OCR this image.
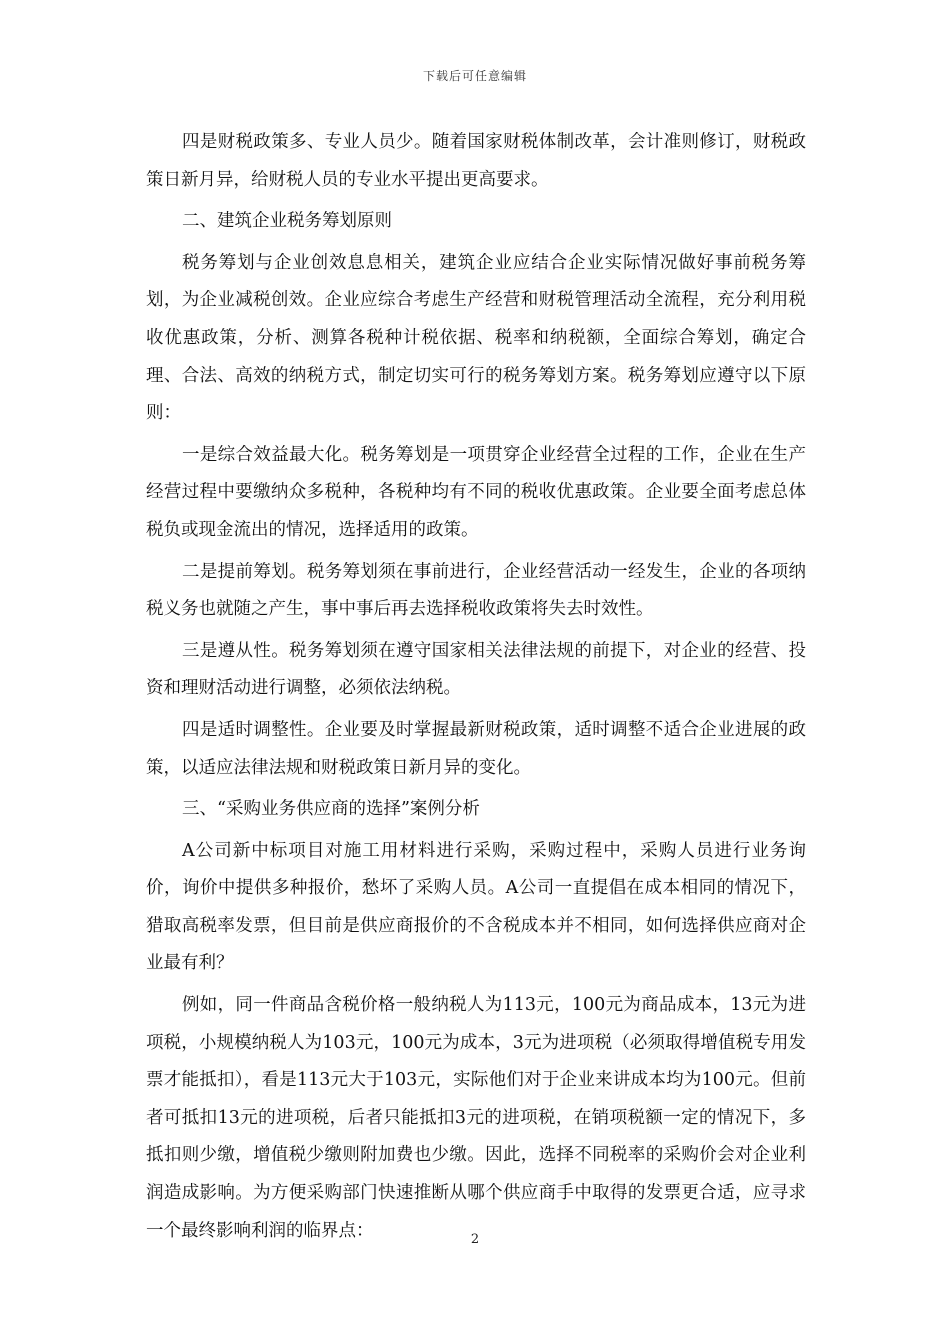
下载后可任意编辑

四是财税政策多、专业人员少。随着国家财税体制改革，会计准则修订，财税政策日新月异，给财税人员的专业水平提出更高要求。

二、建筑企业税务筹划原则

税务筹划与企业创效息息相关，建筑企业应结合企业实际情况做好事前税务筹划，为企业减税创效。企业应综合考虑生产经营和财税管理活动全流程，充分利用税收优惠政策，分析、测算各税种计税依据、税率和纳税额，全面综合筹划，确定合理、合法、高效的纳税方式，制定切实可行的税务筹划方案。税务筹划应遵守以下原则：

一是综合效益最大化。税务筹划是一项贯穿企业经营全过程的工作，企业在生产经营过程中要缴纳众多税种，各税种均有不同的税收优惠政策。企业要全面考虑总体税负或现金流出的情况，选择适用的政策。

二是提前筹划。税务筹划须在事前进行，企业经营活动一经发生，企业的各项纳税义务也就随之产生，事中事后再去选择税收政策将失去时效性。

三是遵从性。税务筹划须在遵守国家相关法律法规的前提下，对企业的经营、投资和理财活动进行调整，必须依法纳税。

四是适时调整性。企业要及时掌握最新财税政策，适时调整不适合企业进展的政策，以适应法律法规和财税政策日新月异的变化。

三、“采购业务供应商的选择”案例分析

A公司新中标项目对施工用材料进行采购，采购过程中，采购人员进行业务询价，询价中提供多种报价，愁坏了采购人员。A公司一直提倡在成本相同的情况下，猎取高税率发票，但目前是供应商报价的不含税成本并不相同，如何选择供应商对企业最有利？

例如，同一件商品含税价格一般纳税人为113元，100元为商品成本，13元为进项税，小规模纳税人为103元，100元为成本，3元为进项税（必须取得增值税专用发票才能抵扣），看是113元大于103元，实际他们对于企业来讲成本均为100元。但前者可抵扣13元的进项税，后者只能抵扣3元的进项税，在销项税额一定的情况下，多抵扣则少缴，增值税少缴则附加费也少缴。因此，选择不同税率的采购价会对企业利润造成影响。为方便采购部门快速推断从哪个供应商手中取得的发票更合适，应寻求一个最终影响利润的临界点：	2
